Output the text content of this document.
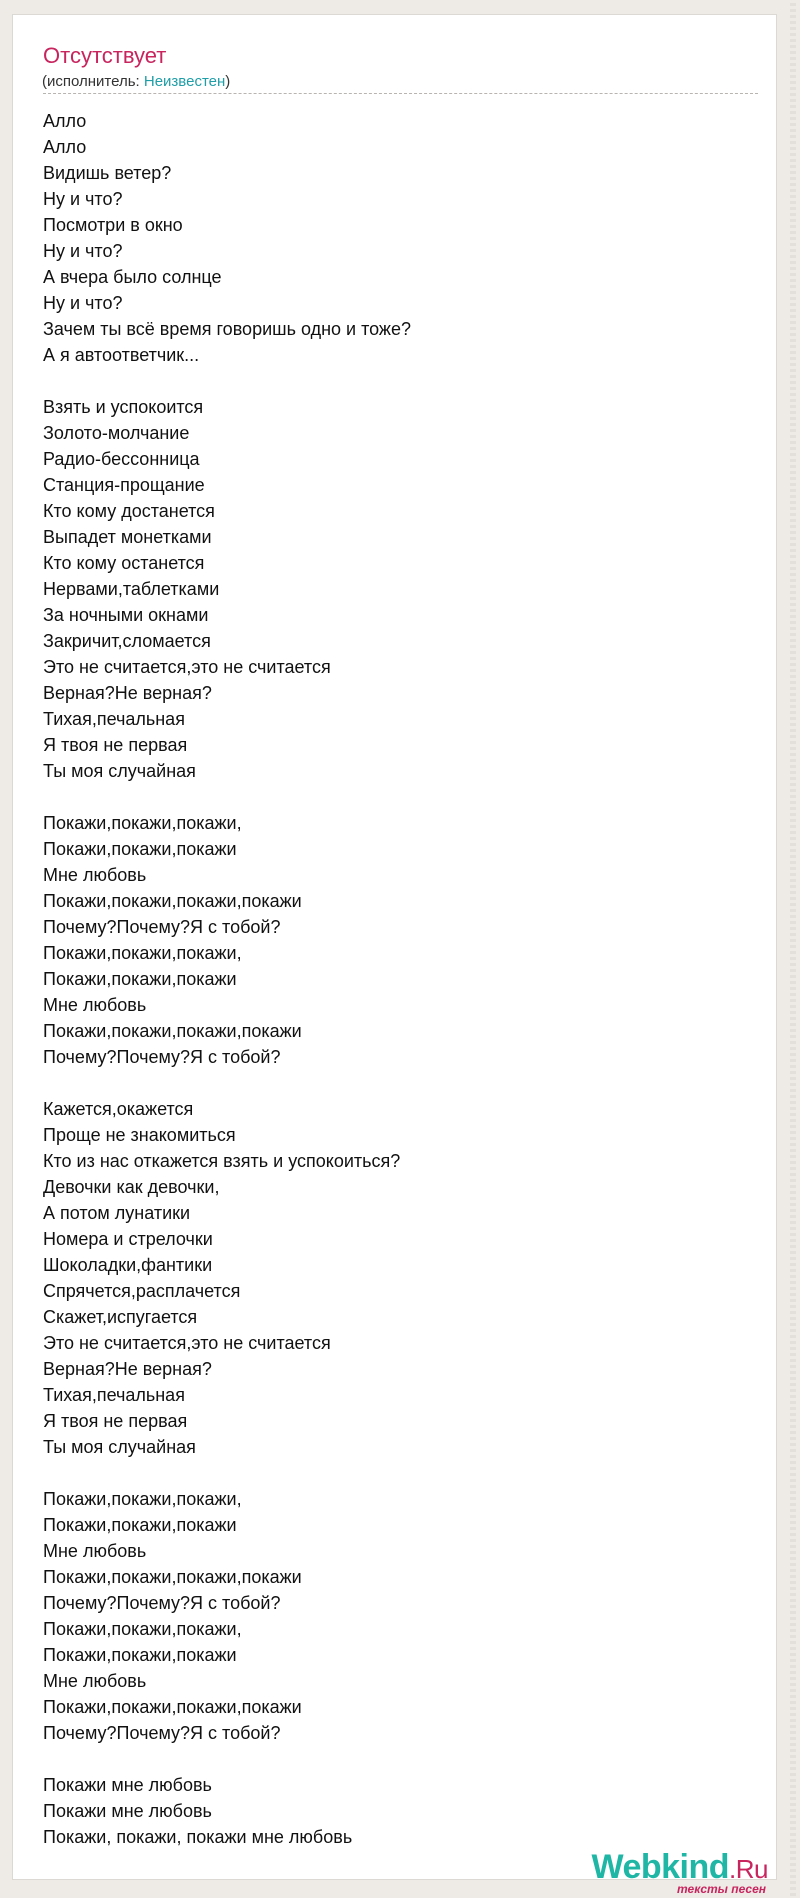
Отсутствует
(исполнитель: Неизвестен)
Алло
Алло
Видишь ветер?
Ну и что?
Посмотри в окно
Ну и что?
А вчера было солнце
Ну и что?
Зачем ты всё время говоришь одно и тоже?
А я автоответчик...
Взять и успокоится
Золото-молчание
Радио-бессонница
Станция-прощание
Кто кому достанется
Выпадет монетками
Кто кому останется
Нервами,таблетками
За ночными окнами
Закричит,сломается
Это не считается,это не считается
Верная?Не верная?
Тихая,печальная
Я твоя не первая
Ты моя случайная
Покажи,покажи,покажи,
Покажи,покажи,покажи
Мне любовь
Покажи,покажи,покажи,покажи
Почему?Почему?Я с тобой?
Покажи,покажи,покажи,
Покажи,покажи,покажи
Мне любовь
Покажи,покажи,покажи,покажи
Почему?Почему?Я с тобой?
Кажется,окажется
Проще не знакомиться
Кто из нас откажется взять и успокоиться?
Девочки как девочки,
А потом лунатики
Номера и стрелочки
Шоколадки,фантики
Спрячется,расплачется
Скажет,испугается
Это не считается,это не считается
Верная?Не верная?
Тихая,печальная
Я твоя не первая
Ты моя случайная
Покажи,покажи,покажи,
Покажи,покажи,покажи
Мне любовь
Покажи,покажи,покажи,покажи
Почему?Почему?Я с тобой?
Покажи,покажи,покажи,
Покажи,покажи,покажи
Мне любовь
Покажи,покажи,покажи,покажи
Почему?Почему?Я с тобой?
Покажи мне любовь
Покажи мне любовь
Покажи, покажи, покажи мне любовь
Webkind.Ru
тексты песен
